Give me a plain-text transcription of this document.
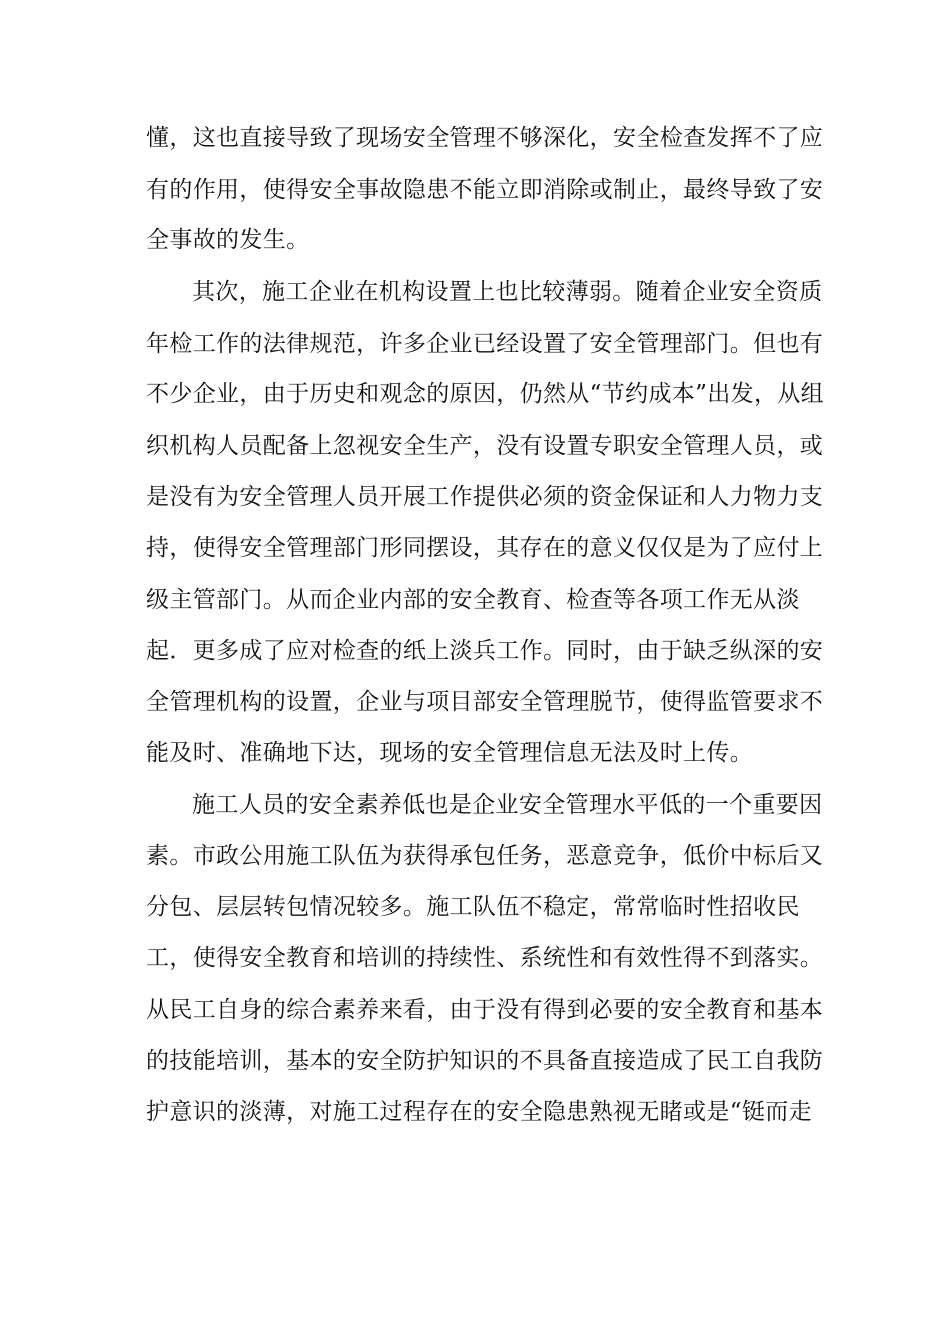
懂，这也直接导致了现场安全管理不够深化，安全检查发挥不了应
有的作用，使得安全事故隐患不能立即消除或制止，最终导致了安
全事故的发生。
其次，施工企业在机构设置上也比较薄弱。随着企业安全资质
年检工作的法律规范，许多企业已经设置了安全管理部门。但也有
不少企业，由于历史和观念的原因，仍然从“节约成本”出发，从组
织机构人员配备上忽视安全生产，没有设置专职安全管理人员，或
是没有为安全管理人员开展工作提供必须的资金保证和人力物力支
持，使得安全管理部门形同摆设，其存在的意义仅仅是为了应付上
级主管部门。从而企业内部的安全教育、检查等各项工作无从淡
起．更多成了应对检查的纸上淡兵工作。同时，由于缺乏纵深的安
全管理机构的设置，企业与项目部安全管理脱节，使得监管要求不
能及时、准确地下达，现场的安全管理信息无法及时上传。
施工人员的安全素养低也是企业安全管理水平低的一个重要因
素。市政公用施工队伍为获得承包任务，恶意竞争，低价中标后又
分包、层层转包情况较多。施工队伍不稳定，常常临时性招收民
工，使得安全教育和培训的持续性、系统性和有效性得不到落实。
从民工自身的综合素养来看，由于没有得到必要的安全教育和基本
的技能培训，基本的安全防护知识的不具备直接造成了民工自我防
护意识的淡薄，对施工过程存在的安全隐患熟视无睹或是“铤而走
